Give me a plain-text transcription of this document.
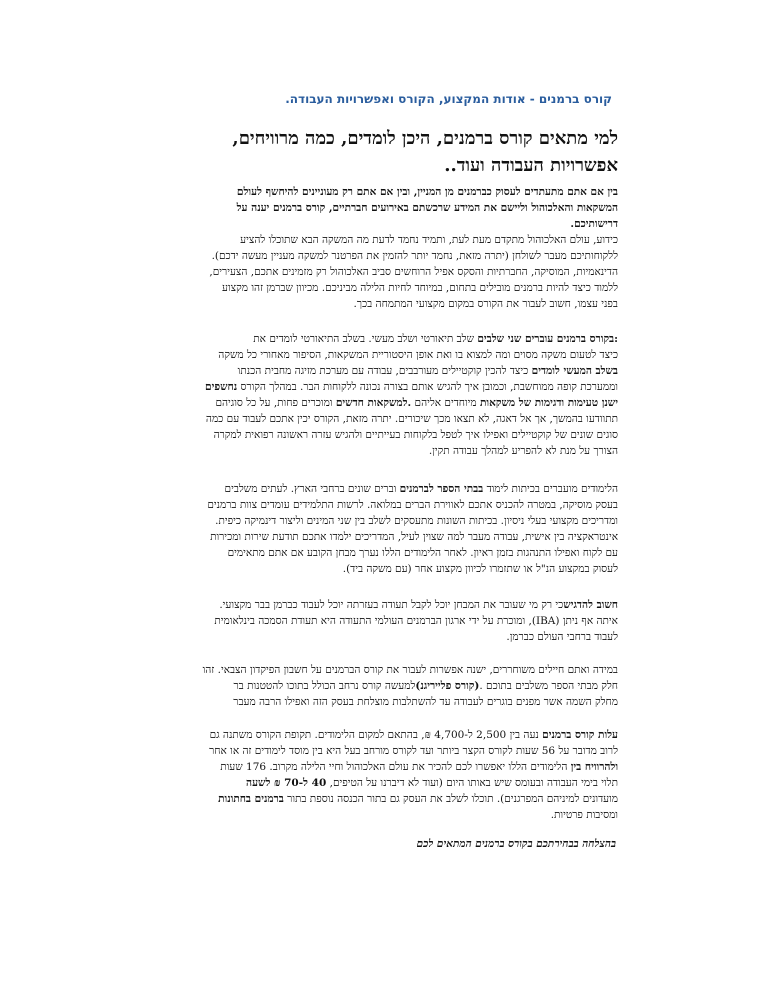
קורס ברמנים - אודות המקצוע, הקורס ואפשרויות העבודה.
למי מתאים קורס ברמנים, היכן לומדים, כמה מרוויחים,
אפשרויות העבודה ועוד..
בין אם אתם מתעתדים לעסוק כברמנים מן המניין, ובין אם אתם רק מעוניינים להיחשף לעולם
המשקאות והאלכוהול וליישם את המידע שרכשתם באירועים חברתיים, קורס ברמנים יענה על
דרישותיכם.
כידוע, עולם האלכוהול מתקדם מעת לעת, ותמיד נחמד לדעת מה המשקה הבא שתוכלו להציע
ללקוחותיכם מעבר לשולחן (יתרה מזאת, נחמד יותר להזמין את הפרטנר למשקה מעניין מעשה ידכם).
הדינאמיות, המוסיקה, החברתיות והסקס אפיל הרוחשים סביב האלכוהול רק מזמינים אתכם, הצעירים,
ללמוד כיצד להיות ברמנים מובילים בתחום, במיוחד לחיות הלילה מביניכם. מכיוון שברמן זהו מקצוע
בפני עצמו, חשוב לעבור את הקורס במקום מקצועי המתמחה בכך.
:בקורס ברמנים עוברים שני שלבים שלב תיאורטי ושלב מעשי. בשלב התיאורטי לומדים את
כיצד לטעום משקה מסוים ומה למצוא בו ואת אופן היסטוריית המשקאות, הסיפור מאחורי כל משקה
בשלב המעשי לומדים כיצד להכין קוקטיילים מעורבבים, עבודה עם מערכת מזיגה מחבית הכנתו
וממערכת קופה ממוחשבת, וכמובן איך להגיש אותם בצורה נכונה ללקוחות הבר. במהלך הקורס נחשפים
ישנן טעימות ודגימות של משקאות מיוחדים אליהם .למשקאות חדשים ומוכרים פחות, על כל סוגיהם
תתוודעו בהמשך, אך אל דאגה, לא תצאו מכך שיכורים. יתרה מזאת, הקורס יכין אתכם לעבוד עם כמה
סוגים שונים של קוקטיילים ואפילו איך לטפל בלקוחות בעייתיים ולהגיש עזרה ראשונה רפואית למקרה
הצורך על מנת לא להפריע למהלך עבודה תקין.
הלימודים מועברים בכיתות לימוד בבתי הספר לברמנים וברים שונים ברחבי הארץ. לעתים משלבים
בעסק מוסיקה, במטרה להכניס אתכם לאווירת הברים במלואה. לרשות התלמידים עומדים צוות ברמנים
ומדריכים מקצועי בעלי ניסיון. בכיתות השונות מתעסקים לשלב בין שני המינים וליצור דינמיקה כיפית.
אינטראקציה בין אישית, עבודה מעבר למה שצוין לעיל, המדריכים ילמדו אתכם תודעת שירות ומכירות
עם לקוח ואפילו התנהגות בזמן ראיון. לאחר הלימודים הללו נערך מבחן הקובע אם אתם מתאימים
לעסוק במקצוע הנ"ל או שתזמרו לכיוון מקצוע אחר (עם משקה ביד).
חשוב להדגישכי רק מי שעובר את המבחן יוכל לקבל תעודה בעזרתה יוכל לעבוד כברמן בבר מקצועי.
איתה אף ניתן (IBA), ומוכרת על ידי ארגון הברמנים העולמי התעודה היא תעודת הסמכה בינלאומית
לעבוד ברחבי העולם כברמן.
במידה ואתם חיילים משוחררים, ישנה אפשרות לעבור את קורס הברמנים על חשבון הפיקדון הצבאי. זהו
חלק מבתי הספר משלבים בתוכם .(קורס פלייריגנ)למעשה קורס נרחב הכולל בתוכו להטטנות בר
מחלק השמה אשר מפנים בוגרים לעבודה עד להשתלבות מוצלחת בעסק הזה ואפילו הרבה מעבר
עלות קורס ברמנים נעה בין 2,500 ל-4,700 ₪, בהתאם למקום הלימודים. תקופת הקורס משתנה גם
לרוב מדובר על 56 שעות לקורס הקצר ביותר ועד לקורס מורחב בעל היא בין מוסד לימודים זה או אחר
ולהרוויח בין הלימודים הללו יאפשרו לכם להכיר את עולם האלכוהול וחיי הלילה מקרוב. 176 שעות
תלוי בימי העבודה ובעומס שיש באותו היום (ועוד לא דיברנו על הטיפים, 40 ל-70 ₪ לשעה
מועדונים למיניהם המפרגנים). תוכלו לשלב את העסק גם בתור הכנסה נוספת בתור ברמנים בחתונות
ומסיבות פרטיות.
בהצלחה בבחירתכם בקורס ברמנים המתאים לכם
